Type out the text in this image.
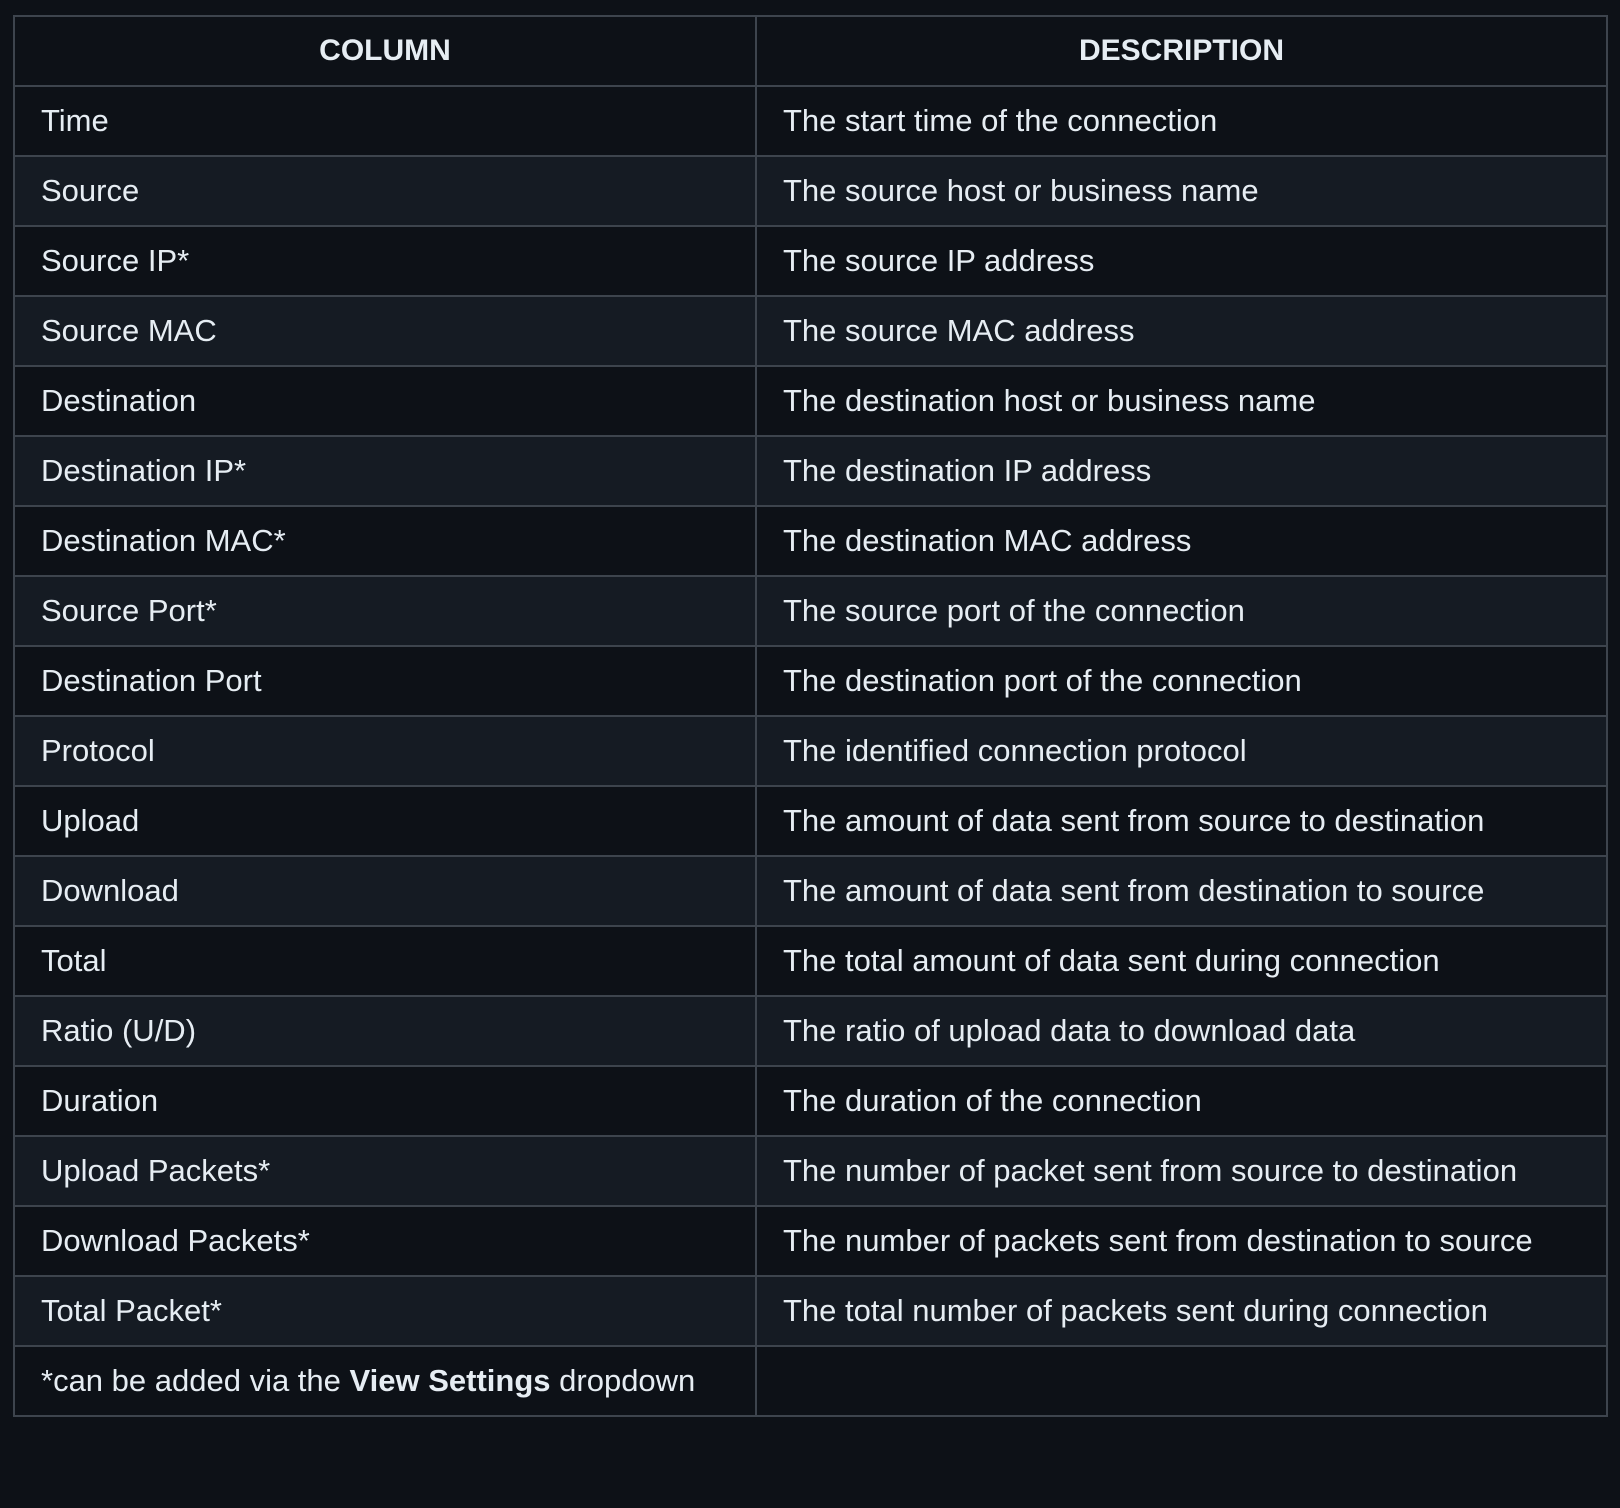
COLUMN	DESCRIPTION
Time	The start time of the connection
Source	The source host or business name
Source IP*	The source IP address
Source MAC	The source MAC address
Destination	The destination host or business name
Destination IP*	The destination IP address
Destination MAC*	The destination MAC address
Source Port*	The source port of the connection
Destination Port	The destination port of the connection
Protocol	The identified connection protocol
Upload	The amount of data sent from source to destination
Download	The amount of data sent from destination to source
Total	The total amount of data sent during connection
Ratio (U/D)	The ratio of upload data to download data
Duration	The duration of the connection
Upload Packets*	The number of packet sent from source to destination
Download Packets*	The number of packets sent from destination to source
Total Packet*	The total number of packets sent during connection
*can be added via the View Settings dropdown	
